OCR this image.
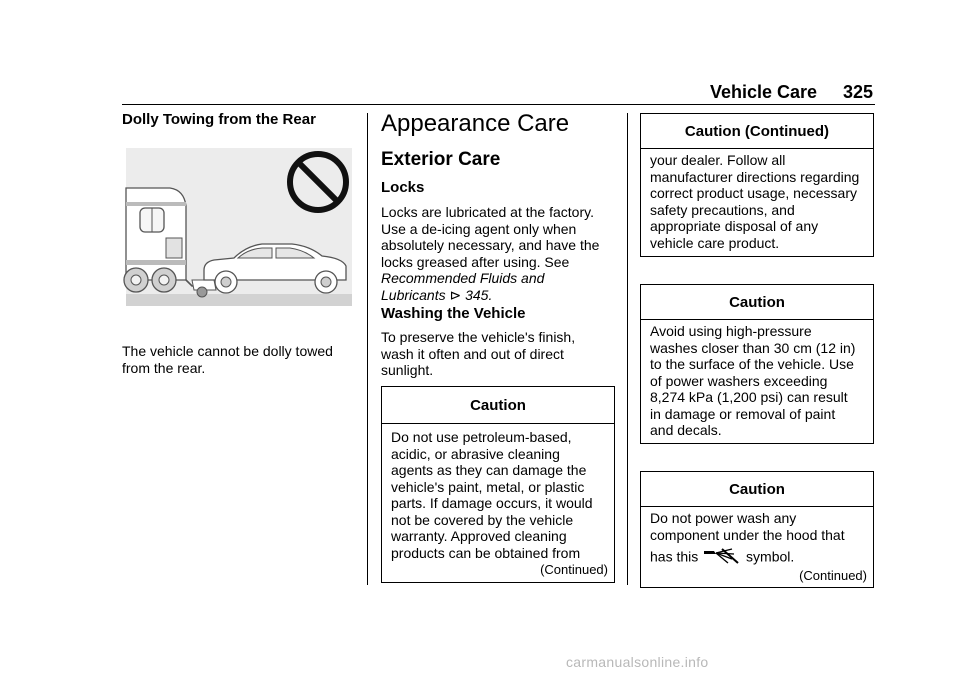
Vehicle Care 325
Dolly Towing from the Rear
The vehicle cannot be dolly towed
from the rear.
Appearance Care
Exterior Care
Locks
Locks are lubricated at the factory.
Use a de-icing agent only when
absolutely necessary, and have the
locks greased after using. See
Recommended Fluids and
Lubricants ⊳ 345.
Washing the Vehicle
To preserve the vehicle's finish,
wash it often and out of direct
sunlight.
Caution
Do not use petroleum-based,
acidic, or abrasive cleaning
agents as they can damage the
vehicle's paint, metal, or plastic
parts. If damage occurs, it would
not be covered by the vehicle
warranty. Approved cleaning
products can be obtained from
(Continued)
Caution (Continued)
your dealer. Follow all
manufacturer directions regarding
correct product usage, necessary
safety precautions, and
appropriate disposal of any
vehicle care product.
Caution
Avoid using high-pressure
washes closer than 30 cm (12 in)
to the surface of the vehicle. Use
of power washers exceeding
8,274 kPa (1,200 psi) can result
in damage or removal of paint
and decals.
Caution
Do not power wash any
component under the hood that
has this	symbol.
(Continued)
carmanualsonline.info
